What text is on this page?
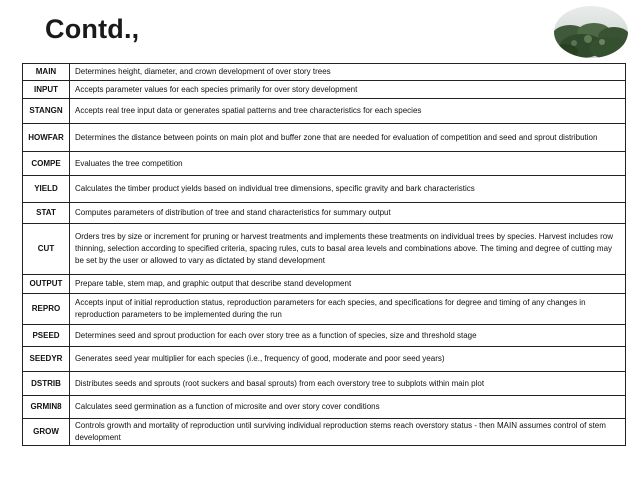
Contd.,
MAIN	Determines height, diameter, and crown development of over story trees
INPUT	Accepts parameter values for each species primarily for over story development
STANGN	Accepts real tree input data or generates spatial patterns and tree characteristics for each species
HOWFAR	Determines the distance between points on main plot and buffer zone that are needed for evaluation of competition and seed and sprout distribution
COMPE	Evaluates the tree competition
YIELD	Calculates the timber product yields based on individual tree dimensions, specific gravity and bark characteristics
STAT	Computes parameters of distribution of tree and stand characteristics for summary output
CUT	Orders tres by size or increment for pruning or harvest treatments and implements these treatments on individual trees by species. Harvest includes row thinning, selection according to specified criteria, spacing rules, cuts to basal area levels and combinations above. The timing and degree of cutting may be set by the user or allowed to vary as dictated by stand development
OUTPUT	Prepare table, stem map, and graphic output that describe stand development
REPRO	Accepts input of initial reproduction status, reproduction parameters for each species, and specifications for degree and timing of any changes in reproduction parameters to be implemented during the run
PSEED	Determines seed and sprout production for each over story tree as a function of species, size and threshold stage
SEEDYR	Generates seed year multiplier for each species (i.e., frequency of good, moderate and poor seed years)
DSTRIB	Distributes seeds and sprouts (root suckers and basal sprouts) from each overstory tree to subplots within main plot
GRMIN8	Calculates seed germination as a function of microsite and over story cover conditions
GROW	Controls growth and mortality of reproduction until surviving individual reproduction stems reach overstory status - then MAIN assumes control of stem development
